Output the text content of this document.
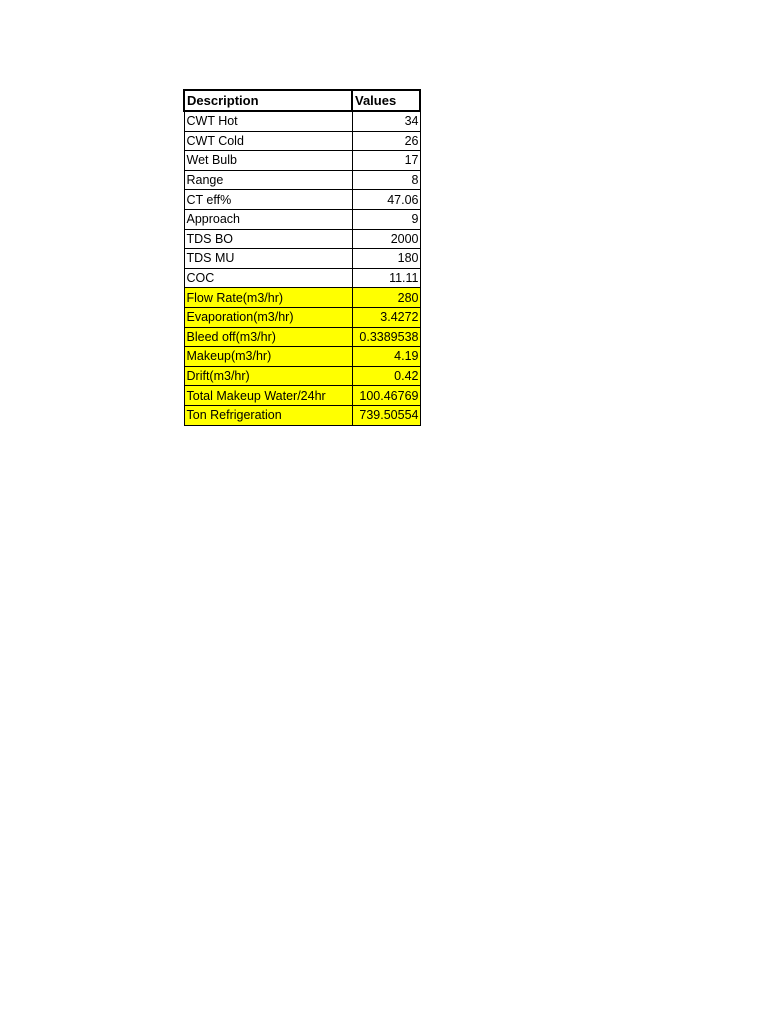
Description	Values
CWT Hot	34
CWT Cold	26
Wet Bulb	17
Range	8
CT eff%	47.06
Approach	9
TDS BO	2000
TDS MU	180
COC	11.11
Flow Rate(m3/hr)	280
Evaporation(m3/hr)	3.4272
Bleed off(m3/hr)	0.3389538
Makeup(m3/hr)	4.19
Drift(m3/hr)	0.42
Total Makeup Water/24hr	100.46769
Ton Refrigeration	739.50554
